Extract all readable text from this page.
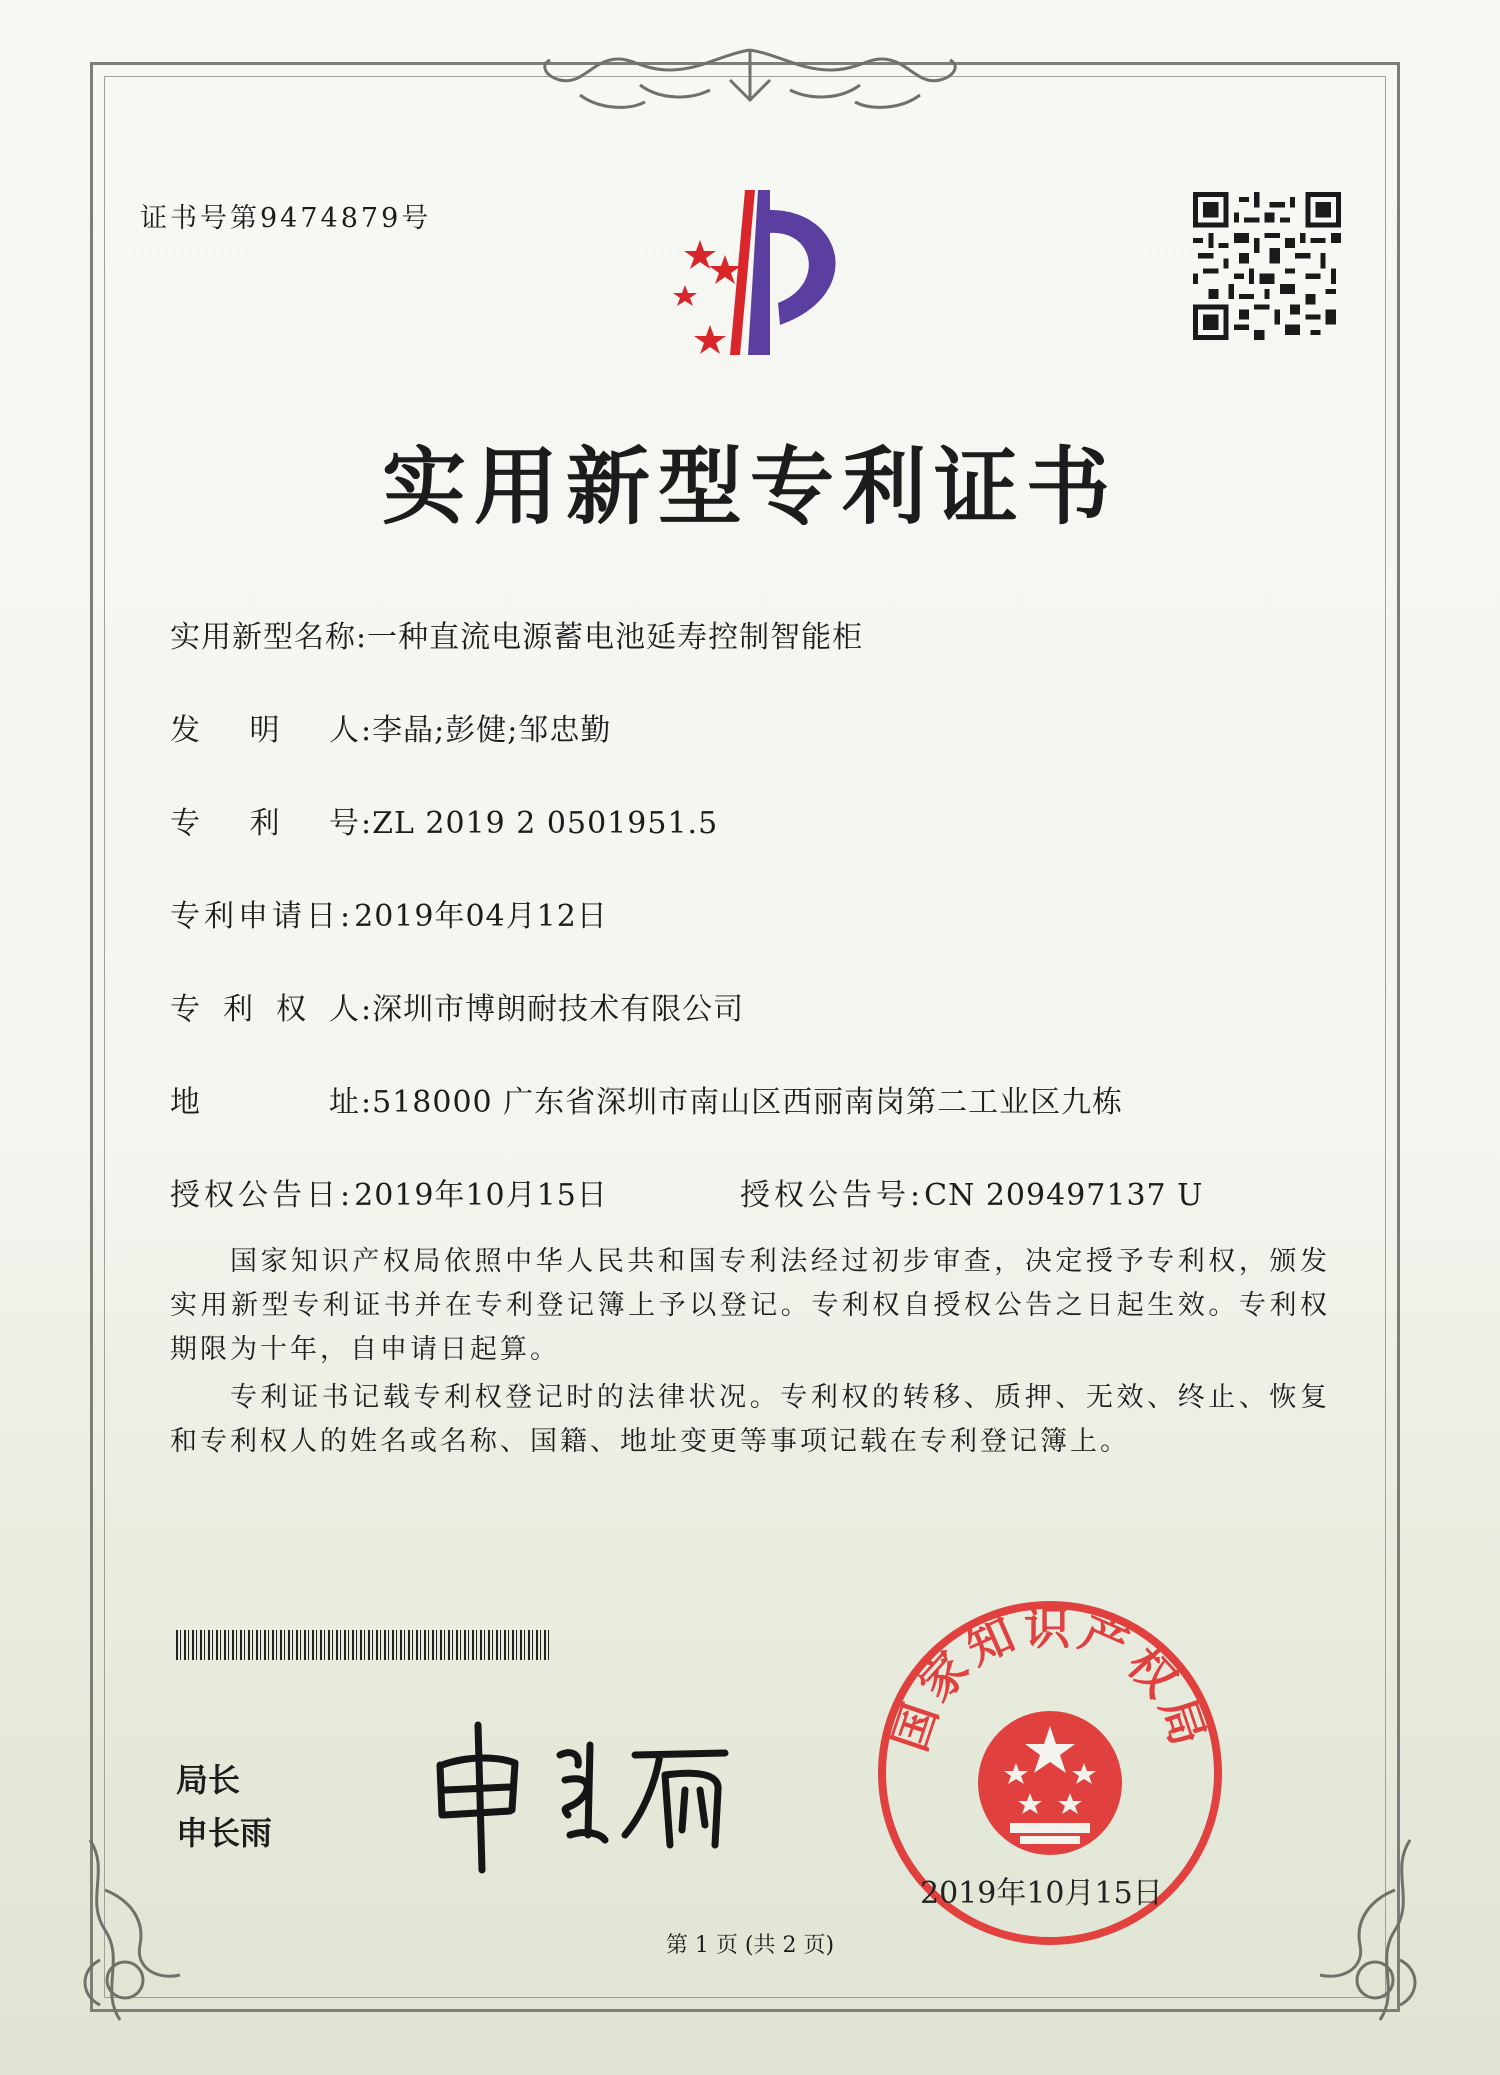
证书号第9474879号
实用新型专利证书
实用新型名称:一种直流电源蓄电池延寿控制智能柜
发 明 人 :李晶;彭健;邹忠勤
专 利 号 :ZL 2019 2 0501951.5
专利申请日:2019年04月12日
专 利 权 人 :深圳市博朗耐技术有限公司
地	址 :518000 广东省深圳市南山区西丽南岗第二工业区九栋
授权公告日:2019年10月15日	授权公告号:CN 209497137 U
国家知识产权局依照中华人民共和国专利法经过初步审查，决定授予专利权，颁发实用新型专利证书并在专利登记簿上予以登记。专利权自授权公告之日起生效。专利权期限为十年，自申请日起算。
专利证书记载专利权登记时的法律状况。专利权的转移、质押、无效、终止、恢复和专利权人的姓名或名称、国籍、地址变更等事项记载在专利登记簿上。
局长
申长雨
国家知识产权局
2019年10月15日
第 1 页 (共 2 页)
